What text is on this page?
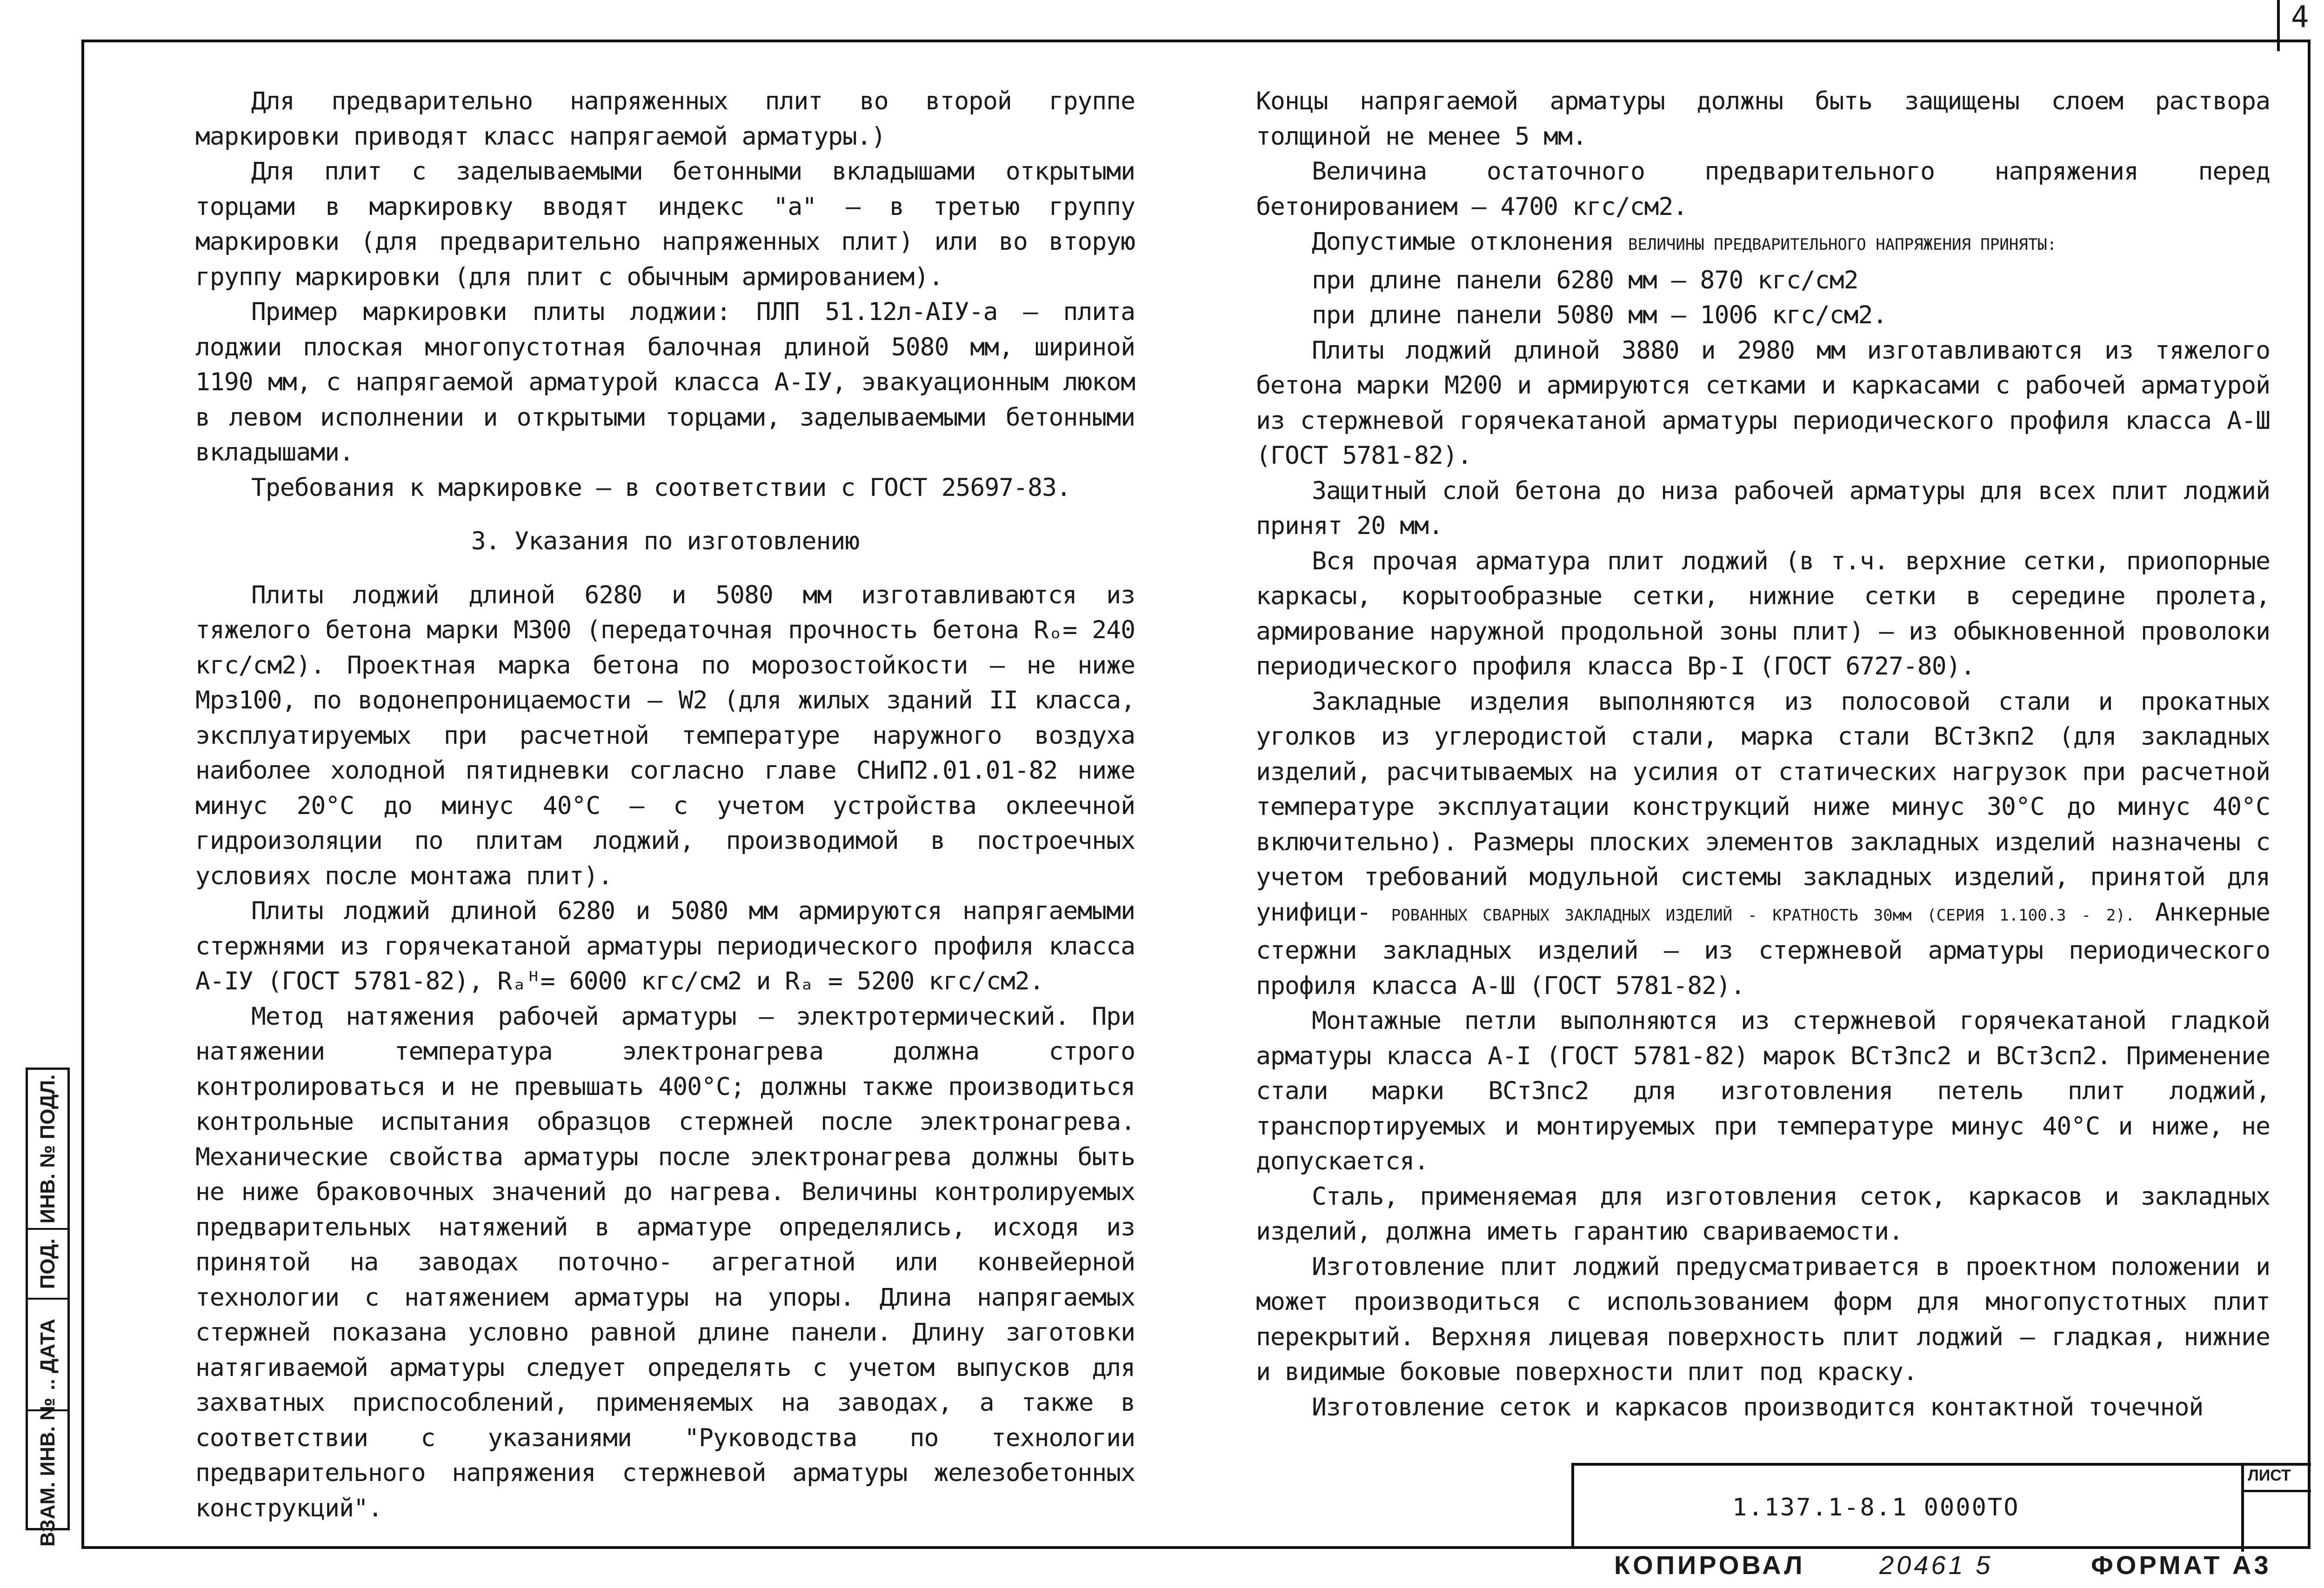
4

Для предварительно напряженных плит во второй группе маркировки приводят класс напрягаемой арматуры.)

Для плит с заделываемыми бетонными вкладышами открытыми торцами в маркировку вводят индекс "а" – в третью группу маркировки (для предварительно напряженных плит) или во вторую группу маркировки (для плит с обычным армированием).

Пример маркировки плиты лоджии: ПЛП 51.12л-АIУ-а – плита лоджии плоская многопустотная балочная длиной 5080 мм, шириной 1190 мм, с напрягаемой арматурой класса А-IУ, эвакуационным люком в левом исполнении и открытыми торцами, заделываемыми бетонными вкладышами.

Требования к маркировке – в соответствии с ГОСТ 25697-83.

3. Указания по изготовлению

Плиты лоджий длиной 6280 и 5080 мм изготавливаются из тяжелого бетона марки М300 (передаточная прочность бетона Rₒ= 240 кгс/см2). Проектная марка бетона по морозостойкости – не ниже Мрз100, по водонепроницаемости – W2 (для жилых зданий II класса, эксплуатируемых при расчетной температуре наружного воздуха наиболее холодной пятидневки согласно главе СНиП2.01.01-82 ниже минус 20°С до минус 40°С – с учетом устройства оклеечной гидроизоляции по плитам лоджий, производимой в построечных условиях после монтажа плит).

Плиты лоджий длиной 6280 и 5080 мм армируются напрягаемыми стержнями из горячекатаной арматуры периодического профиля класса А-IУ (ГОСТ 5781-82), Rₐᴴ= 6000 кгс/см2 и Rₐ = 5200 кгс/см2.

Метод натяжения рабочей арматуры – электротермический. При натяжении температура электронагрева должна строго контролироваться и не превышать 400°С; должны также производиться контрольные испытания образцов стержней после электронагрева. Механические свойства арматуры после электронагрева должны быть не ниже браковочных значений до нагрева. Величины контролируемых предварительных натяжений в арматуре определялись, исходя из принятой на заводах поточно- агрегатной или конвейерной технологии с натяжением арматуры на упоры. Длина напрягаемых стержней показана условно равной длине панели. Длину заготовки натягиваемой арматуры следует определять с учетом выпусков для захватных приспособлений, применяемых на заводах, а также в соответствии с указаниями "Руководства по технологии предварительного напряжения стержневой арматуры железобетонных конструкций".

Концы напрягаемой арматуры должны быть защищены слоем раствора толщиной не менее 5 мм.

Величина остаточного предварительного напряжения перед бетонированием – 4700 кгс/см2.

Допустимые отклонения ВЕЛИЧИНЫ ПРЕДВАРИТЕЛЬНОГО НАПРЯЖЕНИЯ ПРИНЯТЫ:

при длине панели 6280 мм – 870 кгс/см2

при длине панели 5080 мм – 1006 кгс/см2.

Плиты лоджий длиной 3880 и 2980 мм изготавливаются из тяжелого бетона марки М200 и армируются сетками и каркасами с рабочей арматурой из стержневой горячекатаной арматуры периодического профиля класса А-Ш (ГОСТ 5781-82).

Защитный слой бетона до низа рабочей арматуры для всех плит лоджий принят 20 мм.

Вся прочая арматура плит лоджий (в т.ч. верхние сетки, приопорные каркасы, корытообразные сетки, нижние сетки в середине пролета, армирование наружной продольной зоны плит) – из обыкновенной проволоки периодического профиля класса Вр-I (ГОСТ 6727-80).

Закладные изделия выполняются из полосовой стали и прокатных уголков из углеродистой стали, марка стали ВСт3кп2 (для закладных изделий, расчитываемых на усилия от статических нагрузок при расчетной температуре эксплуатации конструкций ниже минус 30°С до минус 40°С включительно). Размеры плоских элементов закладных изделий назначены с учетом требований модульной системы закладных изделий, принятой для унифици- РОВАННЫХ СВАРНЫХ ЗАКЛАДНЫХ ИЗДЕЛИЙ - КРАТНОСТЬ 30мм (СЕРИЯ 1.100.3 - 2). Анкерные стержни закладных изделий – из стержневой арматуры периодического профиля класса А-Ш (ГОСТ 5781-82).

Монтажные петли выполняются из стержневой горячекатаной гладкой арматуры класса А-I (ГОСТ 5781-82) марок ВСт3пс2 и ВСт3сп2. Применение стали марки ВСт3пс2 для изготовления петель плит лоджий, транспортируемых и монтируемых при температуре минус 40°С и ниже, не допускается.

Сталь, применяемая для изготовления сеток, каркасов и закладных изделий, должна иметь гарантию свариваемости.

Изготовление плит лоджий предусматривается в проектном положении и может производиться с использованием форм для многопустотных плит перекрытий. Верхняя лицевая поверхность плит лоджий – гладкая, нижние и видимые боковые поверхности плит под краску.

Изготовление сеток и каркасов производится контактной точечной

ИНВ. № ПОДЛ.
ПОД.
.. ДАТА
ВЗАМ. ИНВ. №	1.137.1-8.1 0000ТО
ЛИСТ
КОПИРОВАЛ	20461 5	ФОРМАТ А3
